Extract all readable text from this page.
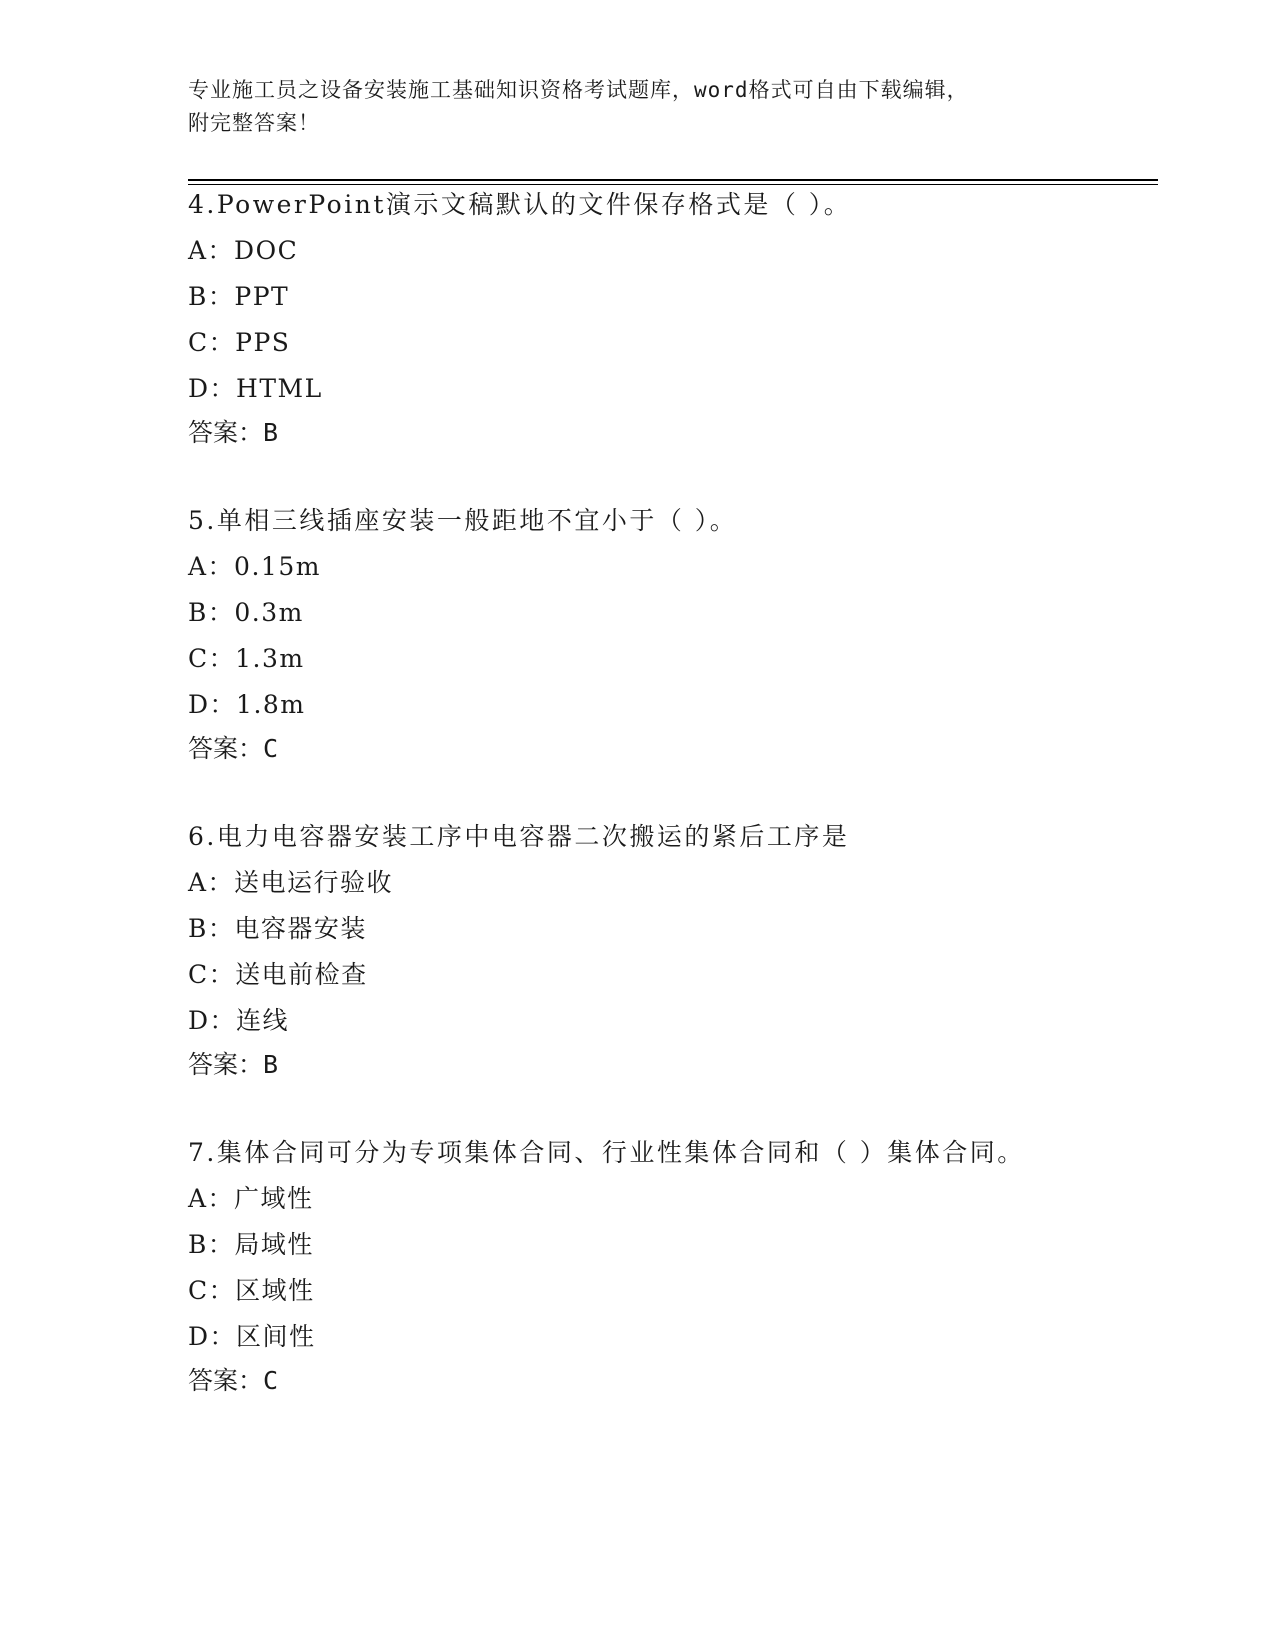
专业施工员之设备安装施工基础知识资格考试题库，word格式可自由下载编辑，
附完整答案！
4.PowerPoint演示文稿默认的文件保存格式是（ ）。
A：DOC
B：PPT
C：PPS
D：HTML
答案：B
5.单相三线插座安装一般距地不宜小于（ ）。
A：0.15m
B：0.3m
C：1.3m
D：1.8m
答案：C
6.电力电容器安装工序中电容器二次搬运的紧后工序是
A：送电运行验收
B：电容器安装
C：送电前检查
D：连线
答案：B
7.集体合同可分为专项集体合同、行业性集体合同和（ ）集体合同。
A：广域性
B：局域性
C：区域性
D：区间性
答案：C
